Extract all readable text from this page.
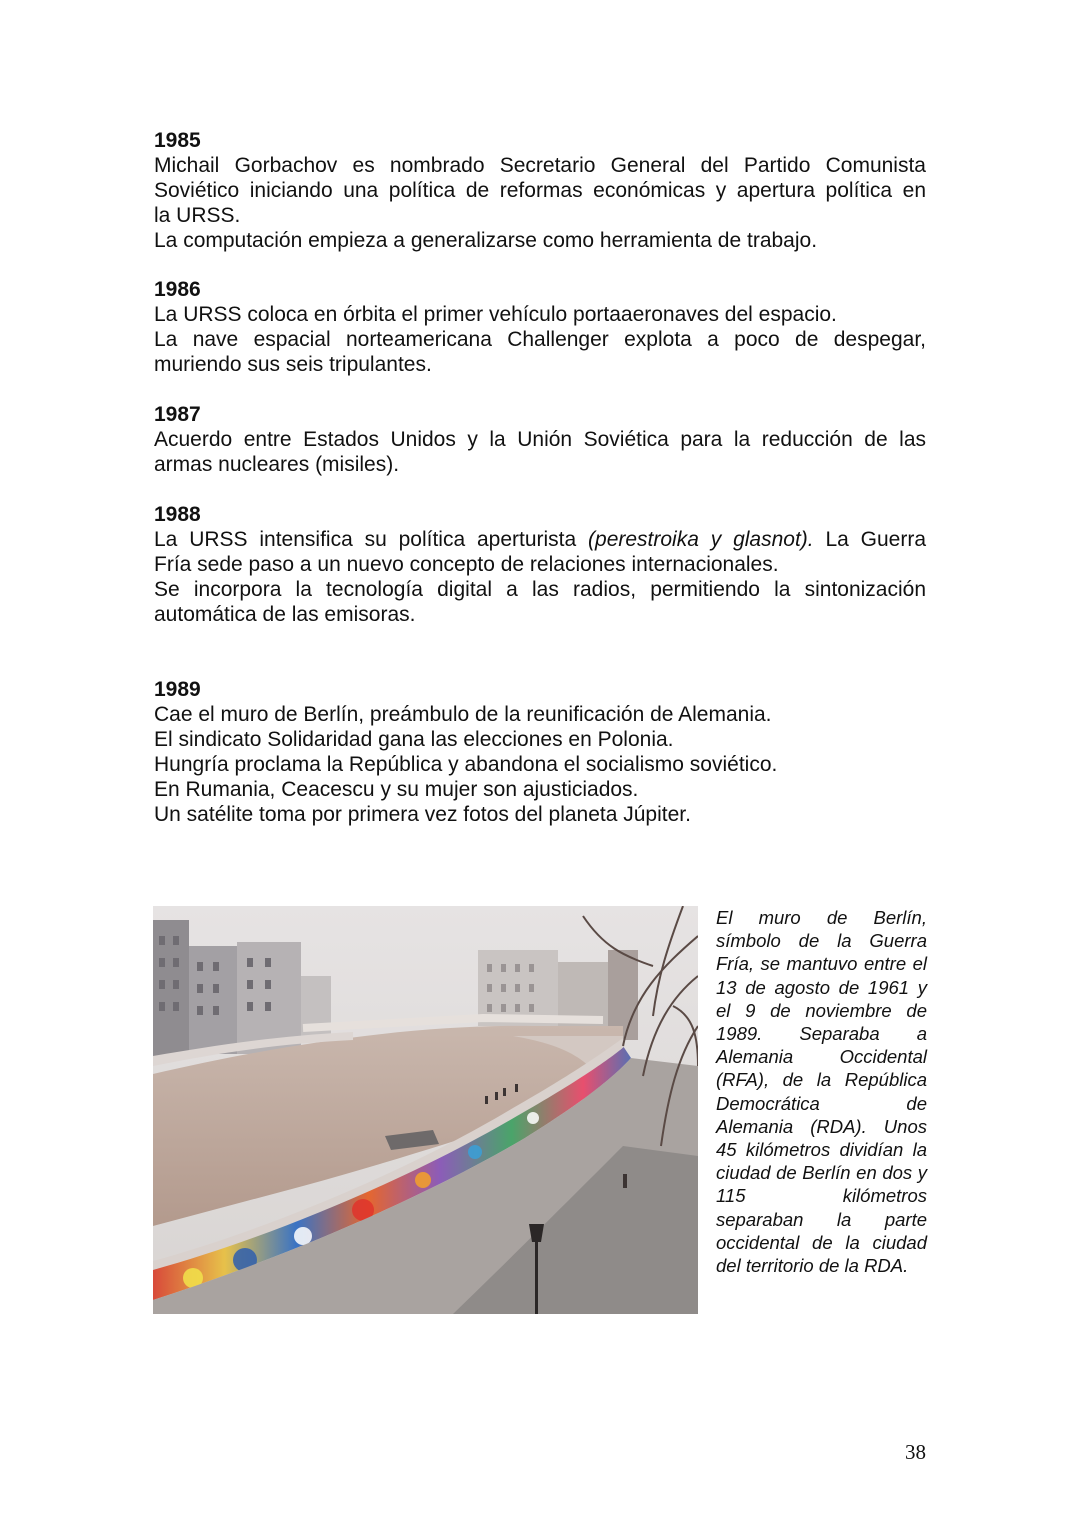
1985
Michail Gorbachov es nombrado Secretario General del Partido Comunista
Soviético iniciando una política de reformas económicas y apertura política en
la URSS.
La computación empieza a generalizarse como herramienta de trabajo.
1986
La URSS coloca en órbita el primer vehículo portaaeronaves del espacio.
La nave espacial norteamericana Challenger explota a poco de despegar,
muriendo sus seis tripulantes.
1987
Acuerdo entre Estados Unidos y la Unión Soviética para la reducción de las
armas nucleares (misiles).
1988
La URSS intensifica su política aperturista (perestroika y glasnot). La Guerra
Fría sede paso a un nuevo concepto de relaciones internacionales.
Se incorpora la tecnología digital a las radios, permitiendo la sintonización
automática de las emisoras.
1989
Cae el muro de Berlín, preámbulo de la reunificación de Alemania.
El sindicato Solidaridad gana las elecciones en Polonia.
Hungría proclama la República y abandona el socialismo soviético.
En Rumania, Ceacescu y su mujer son ajusticiados.
Un satélite toma por primera vez fotos del planeta Júpiter.
El muro de Berlín, símbolo de la Guerra Fría, se mantuvo entre el 13 de agosto de 1961 y el 9 de noviembre de 1989. Separaba a Alemania Occidental (RFA), de la República Democrática de Alemania (RDA). Unos 45 kilómetros dividían la ciudad de Berlín en dos y 115 kilómetros separaban la parte occidental de la ciudad del territorio de la RDA.
38
